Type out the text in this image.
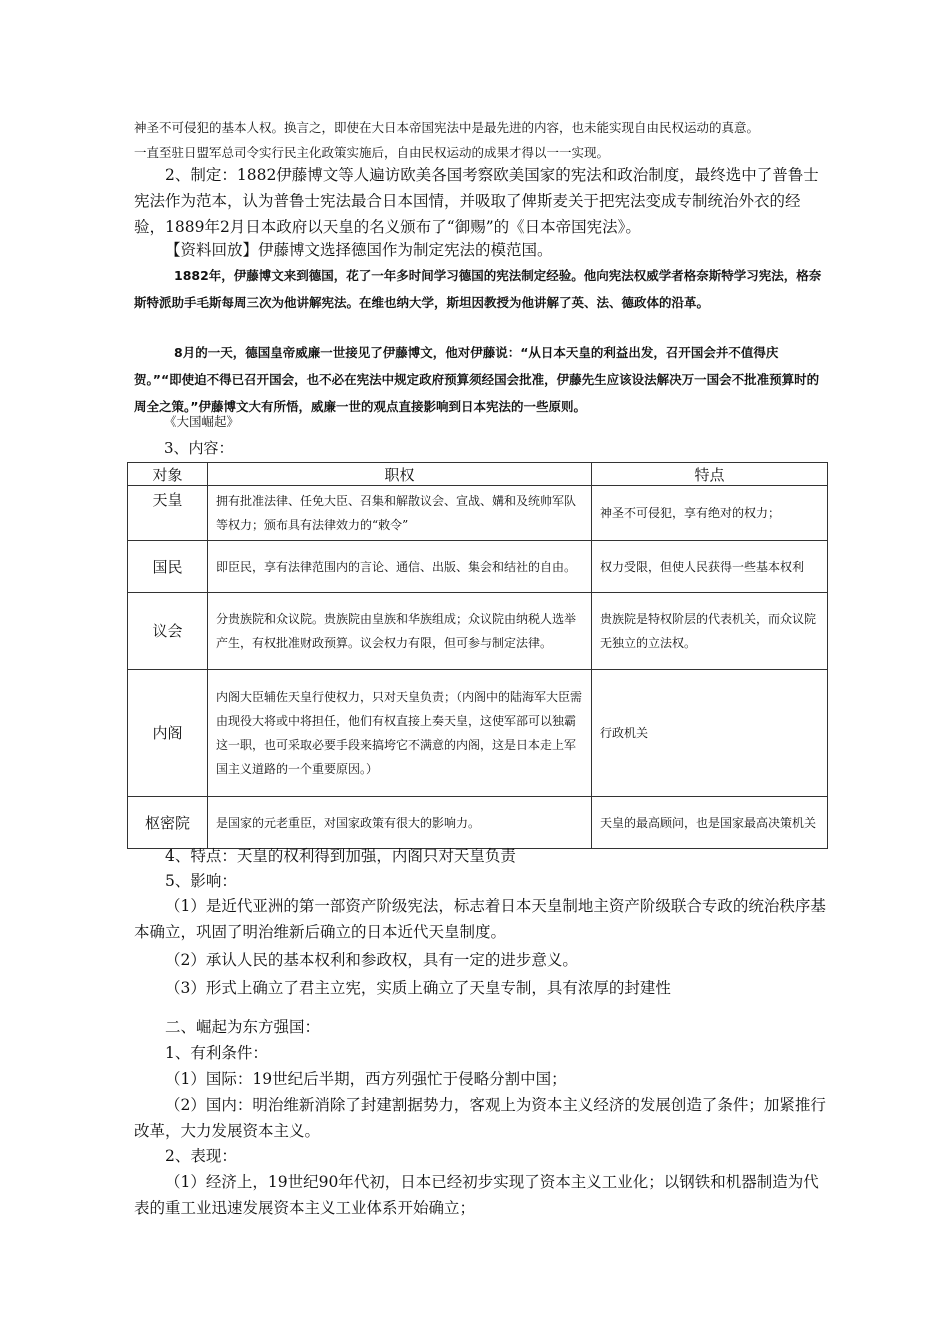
神圣不可侵犯的基本人权。换言之，即使在大日本帝国宪法中是最先进的内容，也未能实现自由民权运动的真意。

一直至驻日盟军总司令实行民主化政策实施后，自由民权运动的成果才得以一一实现。

2、制定：1882伊藤博文等人遍访欧美各国考察欧美国家的宪法和政治制度，最终选中了普鲁士宪法作为范本，认为普鲁士宪法最合日本国情，并吸取了俾斯麦关于把宪法变成专制统治外衣的经验，1889年2月日本政府以天皇的名义颁布了“御赐”的《日本帝国宪法》。

【资料回放】伊藤博文选择德国作为制定宪法的模范国。

1882年，伊藤博文来到德国，花了一年多时间学习德国的宪法制定经验。他向宪法权威学者格奈斯特学习宪法，格奈斯特派助手毛斯每周三次为他讲解宪法。在维也纳大学，斯坦因教授为他讲解了英、法、德政体的沿革。

8月的一天，德国皇帝威廉一世接见了伊藤博文，他对伊藤说：“从日本天皇的利益出发，召开国会并不值得庆贺。”“即使迫不得已召开国会，也不必在宪法中规定政府预算须经国会批准，伊藤先生应该设法解决万一国会不批准预算时的周全之策。”伊藤博文大有所悟，威廉一世的观点直接影响到日本宪法的一些原则。

《大国崛起》

3、内容：

对象	职权	特点
天皇	拥有批准法律、任免大臣、召集和解散议会、宣战、媾和及统帅军队等权力；颁布具有法律效力的“敕令”	神圣不可侵犯，享有绝对的权力；
国民	即臣民，享有法律范围内的言论、通信、出版、集会和结社的自由。	权力受限，但使人民获得一些基本权利
议会	分贵族院和众议院。贵族院由皇族和华族组成；众议院由纳税人选举产生，有权批准财政预算。议会权力有限，但可参与制定法律。	贵族院是特权阶层的代表机关，而众议院无独立的立法权。
内阁	内阁大臣辅佐天皇行使权力，只对天皇负责；（内阁中的陆海军大臣需由现役大将或中将担任，他们有权直接上奏天皇，这使军部可以独霸这一职，也可采取必要手段来搞垮它不满意的内阁，这是日本走上军国主义道路的一个重要原因。）	行政机关
枢密院	是国家的元老重臣，对国家政策有很大的影响力。	天皇的最高顾问，也是国家最高决策机关

4、特点：天皇的权利得到加强，内阁只对天皇负责

5、影响：

（1）是近代亚洲的第一部资产阶级宪法，标志着日本天皇制地主资产阶级联合专政的统治秩序基本确立，巩固了明治维新后确立的日本近代天皇制度。

（2）承认人民的基本权利和参政权，具有一定的进步意义。

（3）形式上确立了君主立宪，实质上确立了天皇专制，具有浓厚的封建性

二、崛起为东方强国：

1、有利条件：

（1）国际：19世纪后半期，西方列强忙于侵略分割中国；

（2）国内：明治维新消除了封建割据势力，客观上为资本主义经济的发展创造了条件；加紧推行改革，大力发展资本主义。

2、表现：

（1）经济上，19世纪90年代初，日本已经初步实现了资本主义工业化；以钢铁和机器制造为代表的重工业迅速发展资本主义工业体系开始确立；
